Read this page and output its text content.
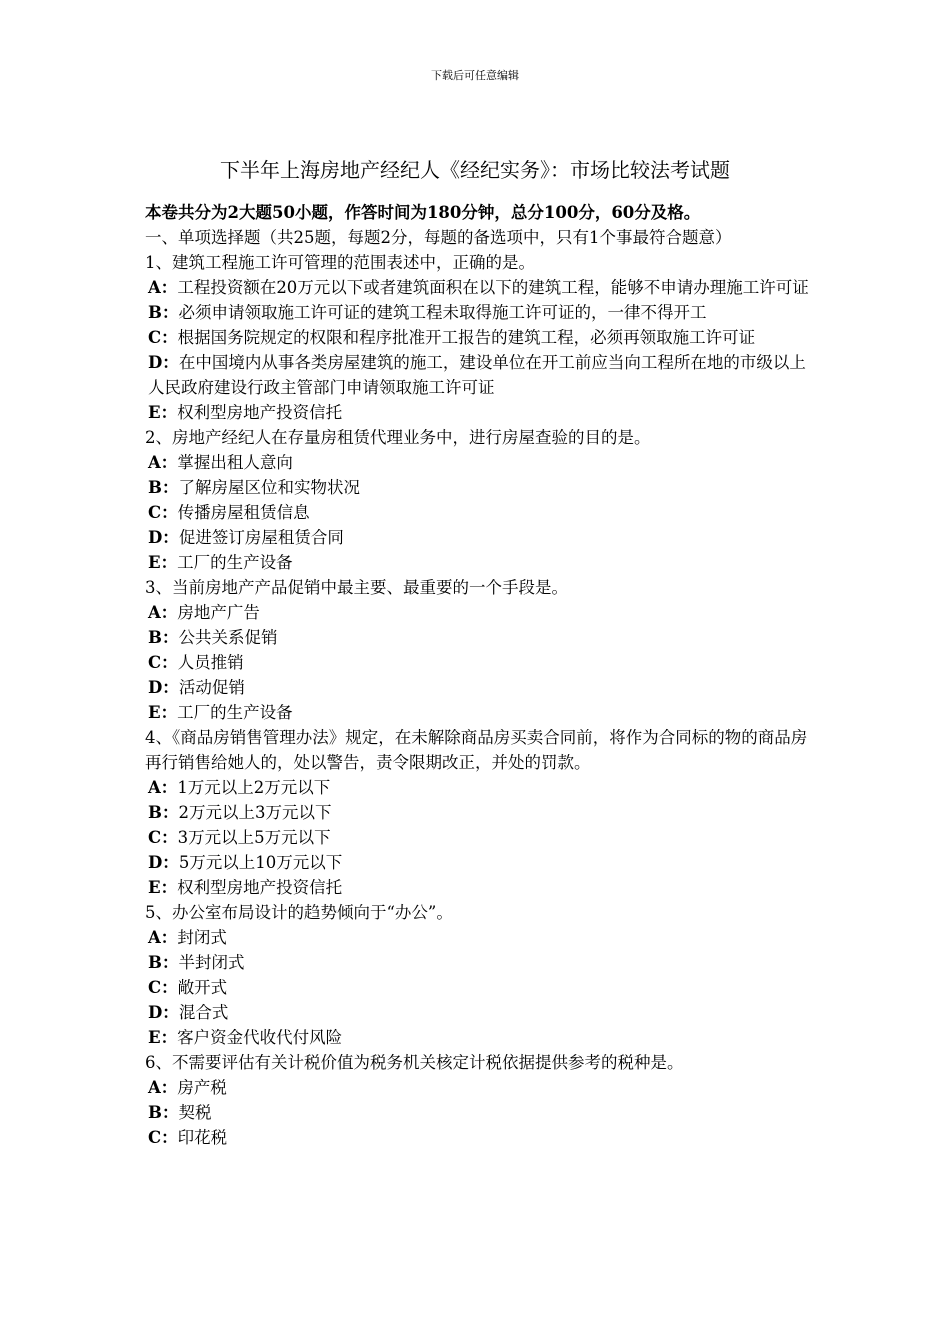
下载后可任意编辑
下半年上海房地产经纪人《经纪实务》：市场比较法考试题
本卷共分为2大题50小题，作答时间为180分钟，总分100分，60分及格。
一、单项选择题（共25题，每题2分，每题的备选项中，只有1个事最符合题意）
1、建筑工程施工许可管理的范围表述中，正确的是。
A：工程投资额在20万元以下或者建筑面积在以下的建筑工程，能够不申请办理施工许可证
B：必须申请领取施工许可证的建筑工程未取得施工许可证的，一律不得开工
C：根据国务院规定的权限和程序批准开工报告的建筑工程，必须再领取施工许可证
D：在中国境内从事各类房屋建筑的施工，建设单位在开工前应当向工程所在地的市级以上人民政府建设行政主管部门申请领取施工许可证
E：权利型房地产投资信托
2、房地产经纪人在存量房租赁代理业务中，进行房屋查验的目的是。
A：掌握出租人意向
B：了解房屋区位和实物状况
C：传播房屋租赁信息
D：促进签订房屋租赁合同
E：工厂的生产设备
3、当前房地产产品促销中最主要、最重要的一个手段是。
A：房地产广告
B：公共关系促销
C：人员推销
D：活动促销
E：工厂的生产设备
4、《商品房销售管理办法》规定，在未解除商品房买卖合同前，将作为合同标的物的商品房再行销售给她人的，处以警告，责令限期改正，并处的罚款。
A：1万元以上2万元以下
B：2万元以上3万元以下
C：3万元以上5万元以下
D：5万元以上10万元以下
E：权利型房地产投资信托
5、办公室布局设计的趋势倾向于“办公”。
A：封闭式
B：半封闭式
C：敞开式
D：混合式
E：客户资金代收代付风险
6、不需要评估有关计税价值为税务机关核定计税依据提供参考的税种是。
A：房产税
B：契税
C：印花税
